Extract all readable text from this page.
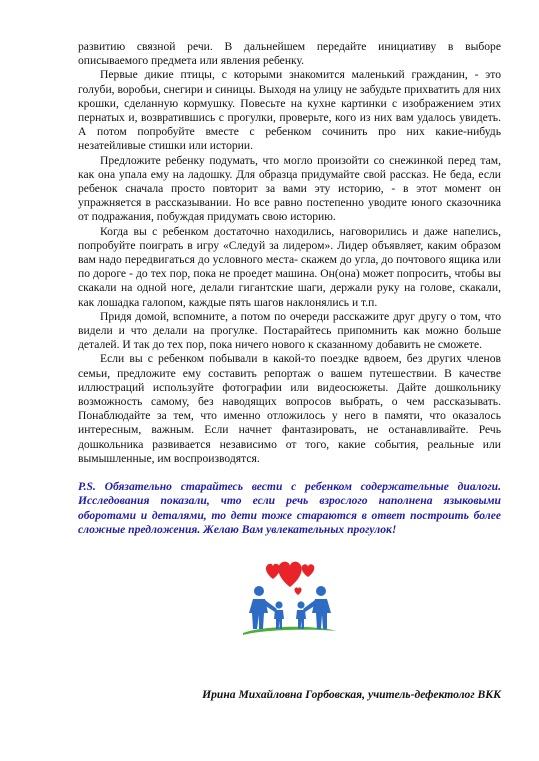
развитию связной речи. В дальнейшем передайте инициативу в выборе описываемого предмета или явления ребенку.

Первые дикие птицы, с которыми знакомится маленький гражданин, - это голуби, воробьи, снегири и синицы. Выходя на улицу не забудьте прихватить для них крошки, сделанную кормушку. Повесьте на кухне картинки с изображением этих пернатых и, возвратившись с прогулки, проверьте, кого из них вам удалось увидеть. А потом попробуйте вместе с ребенком сочинить про них какие-нибудь незатейливые стишки или истории.

Предложите ребенку подумать, что могло произойти со снежинкой перед там, как она упала ему на ладошку. Для образца придумайте свой рассказ. Не беда, если ребенок сначала просто повторит за вами эту историю, - в этот момент он упражняется в рассказывании. Но все равно постепенно уводите юного сказочника от подражания, побуждая придумать свою историю.

Когда вы с ребенком достаточно находились, наговорились и даже напелись, попробуйте поиграть в игру «Следуй за лидером». Лидер объявляет, каким образом вам надо передвигаться до условного места- скажем до угла, до почтового ящика или по дороге - до тех пор, пока не проедет машина. Он(она) может попросить, чтобы вы скакали на одной ноге, делали гигантские шаги, держали руку на голове, скакали, как лошадка галопом, каждые пять шагов наклонялись и т.п.

Придя домой, вспомните, а потом по очереди расскажите друг другу о том, что видели и что делали на прогулке. Постарайтесь припомнить как можно больше деталей. И так до тех пор, пока ничего нового к сказанному добавить не сможете.

Если вы с ребенком побывали в какой-то поездке вдвоем, без других членов семьи, предложите ему составить репортаж о вашем путешествии. В качестве иллюстраций используйте фотографии или видеосюжеты. Дайте дошкольнику возможность самому, без наводящих вопросов выбрать, о чем рассказывать. Понаблюдайте за тем, что именно отложилось у него в памяти, что оказалось интересным, важным. Если начнет фантазировать, не останавливайте. Речь дошкольника развивается независимо от того, какие события, реальные или вымышленные, им воспроизводятся.

P.S. Обязательно старайтесь вести с ребенком содержательные диалоги. Исследования показали, что если речь взрослого наполнена языковыми оборотами и деталями, то дети тоже стараются в ответ построить более сложные предложения. Желаю Вам увлекательных прогулок!
Ирина Михайловна Горбовская, учитель-дефектолог ВКК
